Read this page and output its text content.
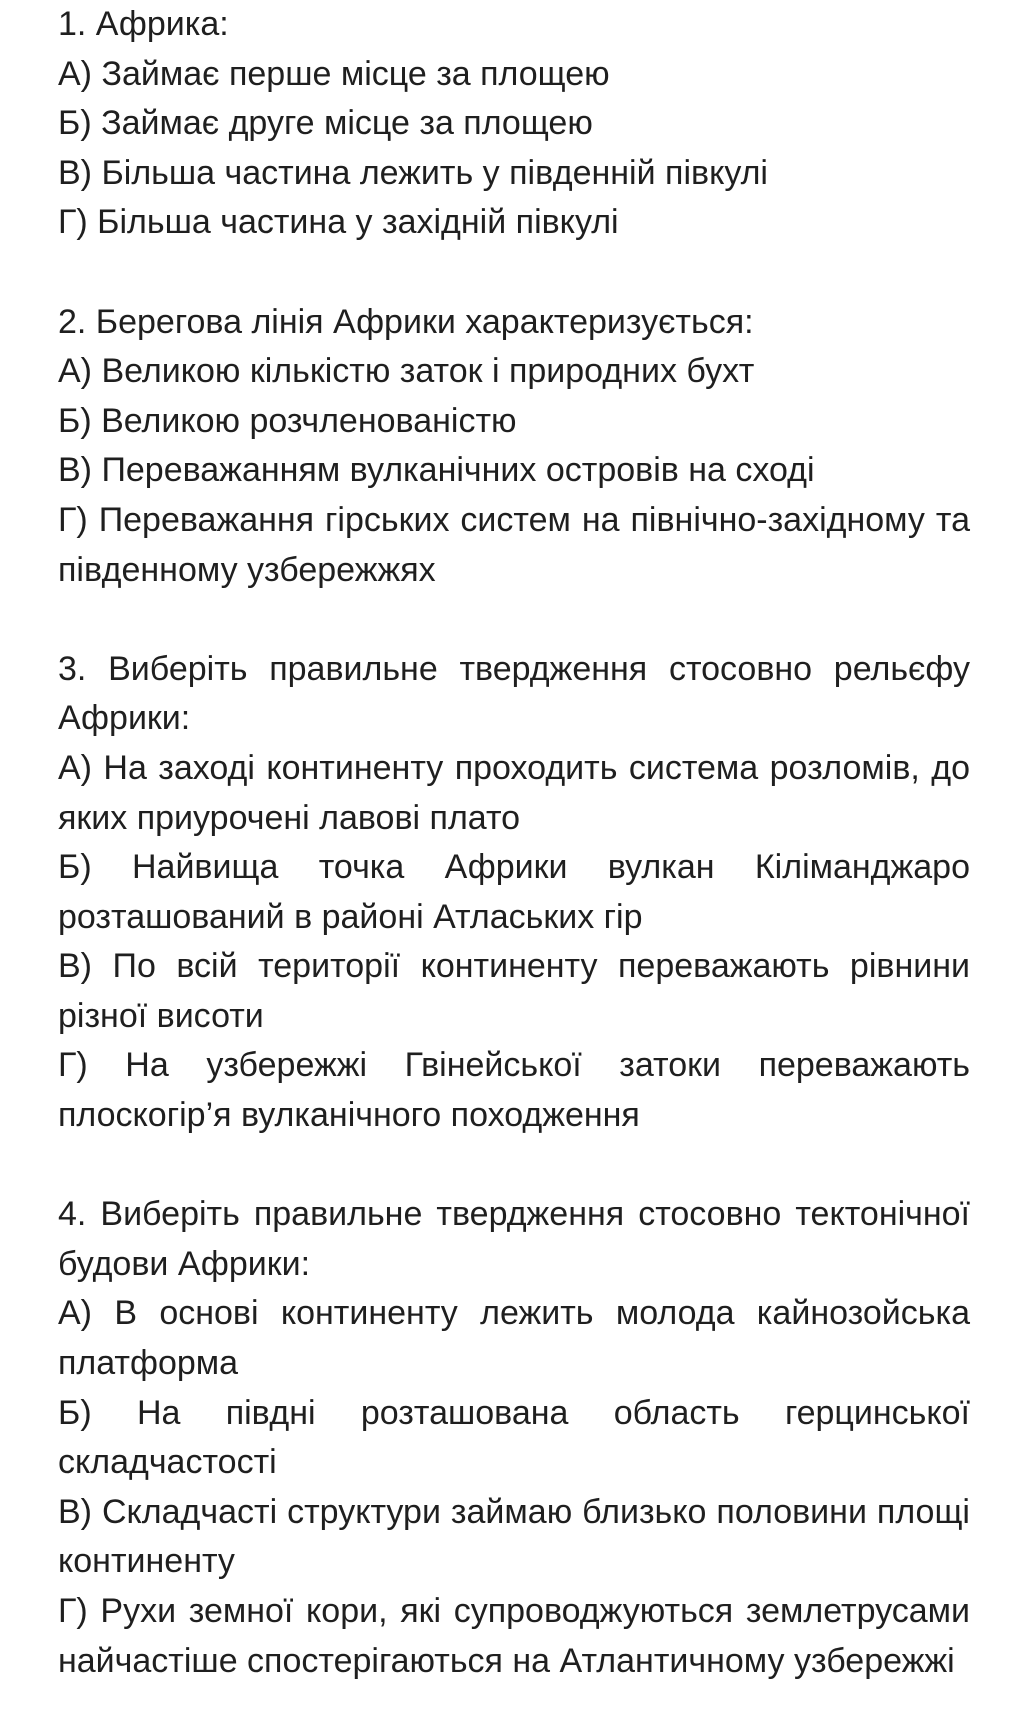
1. Африка:

А) Займає перше місце за площею

Б) Займає друге місце за площею

В) Більша частина лежить у південній півкулі

Г) Більша частина у західній півкулі

2. Берегова лінія Африки характеризується:

А) Великою кількістю заток і природних бухт

Б) Великою розчленованістю

В) Переважанням вулканічних островів на сході

Г) Переважання гірських систем на північно-західному та південному узбережжях

3. Виберіть правильне твердження стосовно рельєфу Африки:

А) На заході континенту проходить система розломів, до яких приурочені лавові плато

Б) Найвища точка Африки вулкан Кіліманджаро розташований в районі Атлаських гір

В) По всій території континенту переважають рівнини різної висоти

Г) На узбережжі Гвінейської затоки переважають плоскогір’я вулканічного походження

4. Виберіть правильне твердження стосовно тектонічної будови Африки:

А) В основі континенту лежить молода кайнозойська платформа

Б) На півдні розташована область герцинської складчастості

В) Складчасті структури займаю близько половини площі континенту

Г) Рухи земної кори, які супроводжуються землетрусами найчастіше спостерігаються на Атлантичному узбережжі
